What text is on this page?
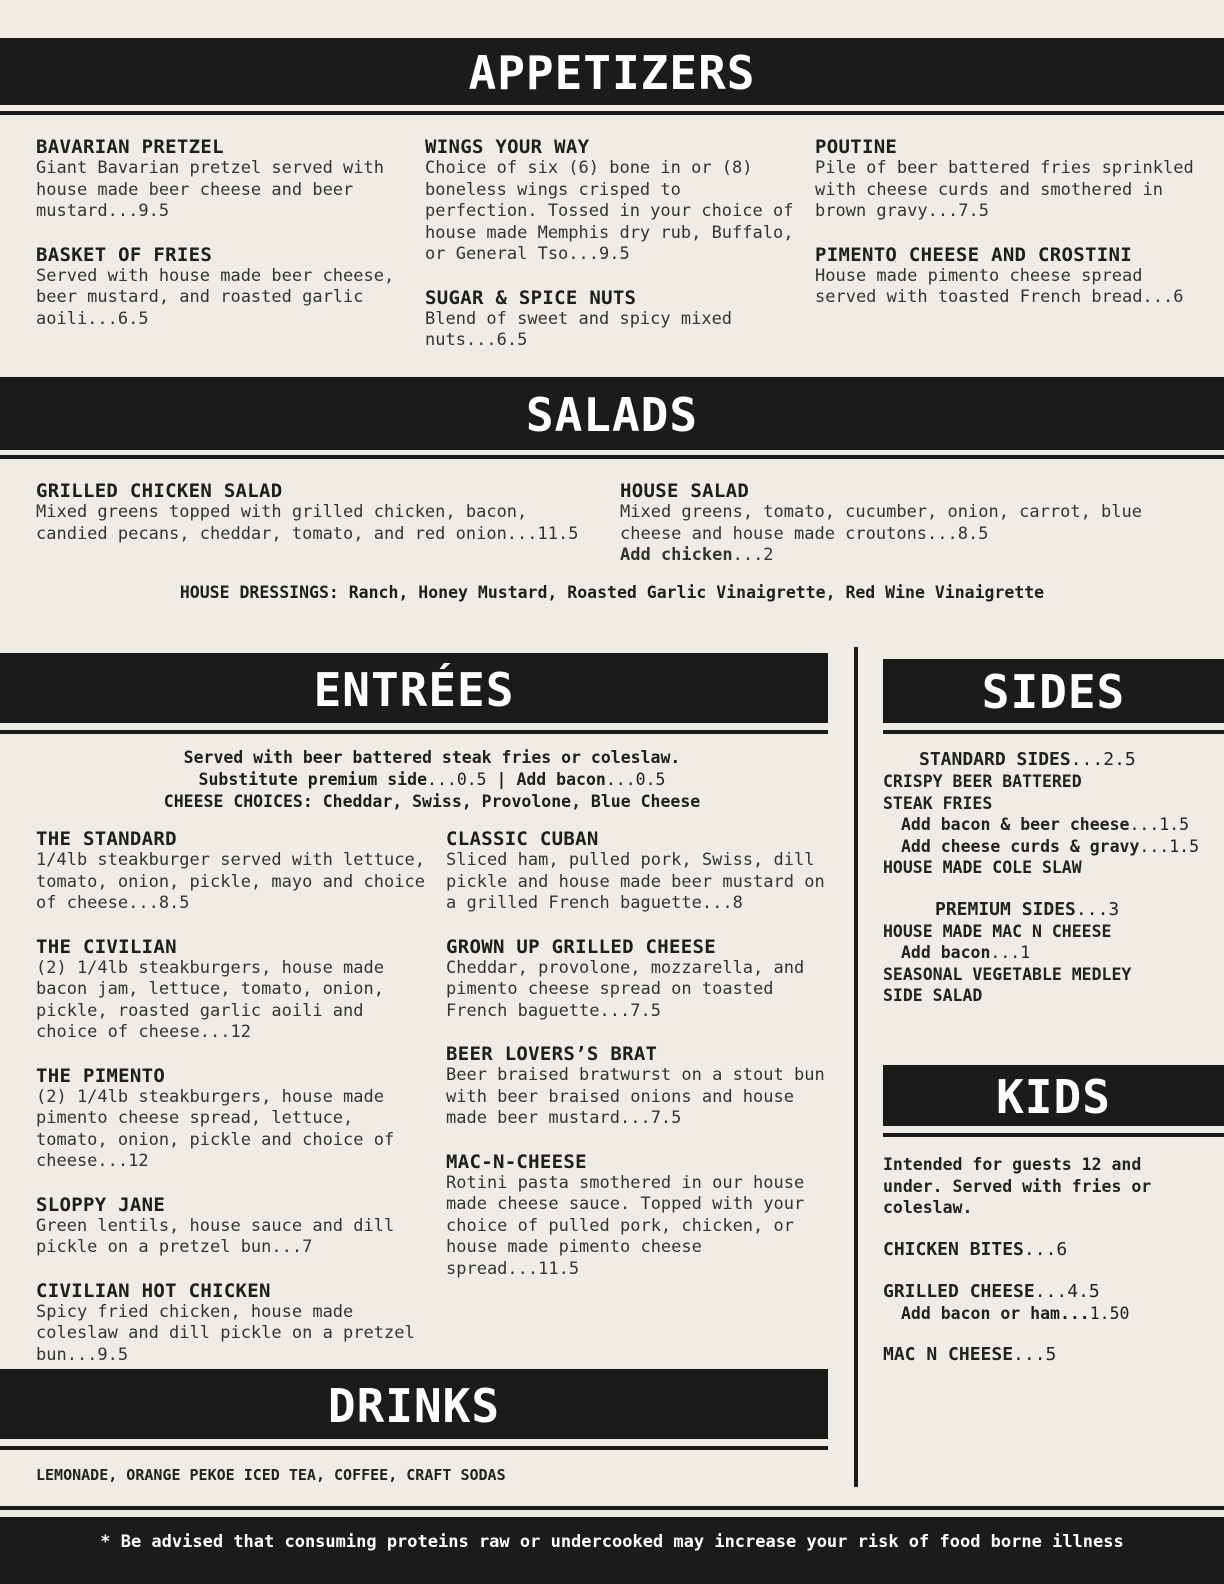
APPETIZERS
BAVARIAN PRETZEL
Giant Bavarian pretzel served with house made beer cheese and beer mustard...9.5
BASKET OF FRIES
Served with house made beer cheese, beer mustard, and roasted garlic aoili...6.5
WINGS YOUR WAY
Choice of six (6) bone in or (8) boneless wings crisped to perfection. Tossed in your choice of house made Memphis dry rub, Buffalo, or General Tso...9.5
SUGAR & SPICE NUTS
Blend of sweet and spicy mixed nuts...6.5
POUTINE
Pile of beer battered fries sprinkled with cheese curds and smothered in brown gravy...7.5
PIMENTO CHEESE AND CROSTINI
House made pimento cheese spread served with toasted French bread...6
SALADS
GRILLED CHICKEN SALAD
Mixed greens topped with grilled chicken, bacon, candied pecans, cheddar, tomato, and red onion...11.5
HOUSE SALAD
Mixed greens, tomato, cucumber, onion, carrot, blue cheese and house made croutons...8.5
Add chicken...2
HOUSE DRESSINGS: Ranch, Honey Mustard, Roasted Garlic Vinaigrette, Red Wine Vinaigrette
ENTRÉES
Served with beer battered steak fries or coleslaw.
Substitute premium side...0.5 | Add bacon...0.5
CHEESE CHOICES: Cheddar, Swiss, Provolone, Blue Cheese
THE STANDARD
1/4lb steakburger served with lettuce, tomato, onion, pickle, mayo and choice of cheese...8.5
THE CIVILIAN
(2) 1/4lb steakburgers, house made bacon jam, lettuce, tomato, onion, pickle, roasted garlic aoili and choice of cheese...12
THE PIMENTO
(2) 1/4lb steakburgers, house made pimento cheese spread, lettuce, tomato, onion, pickle and choice of cheese...12
SLOPPY JANE
Green lentils, house sauce and dill pickle on a pretzel bun...7
CIVILIAN HOT CHICKEN
Spicy fried chicken, house made coleslaw and dill pickle on a pretzel bun...9.5
CLASSIC CUBAN
Sliced ham, pulled pork, Swiss, dill pickle and house made beer mustard on a grilled French baguette...8
GROWN UP GRILLED CHEESE
Cheddar, provolone, mozzarella, and pimento cheese spread on toasted French baguette...7.5
BEER LOVERS’S BRAT
Beer braised bratwurst on a stout bun with beer braised onions and house made beer mustard...7.5
MAC-N-CHEESE
Rotini pasta smothered in our house made cheese sauce. Topped with your choice of pulled pork, chicken, or house made pimento cheese spread...11.5
SIDES
STANDARD SIDES...2.5
CRISPY BEER BATTERED
STEAK FRIES
Add bacon & beer cheese...1.5
Add cheese curds & gravy...1.5
HOUSE MADE COLE SLAW
PREMIUM SIDES...3
HOUSE MADE MAC N CHEESE
Add bacon...1
SEASONAL VEGETABLE MEDLEY
SIDE SALAD
KIDS
Intended for guests 12 and under. Served with fries or coleslaw.
CHICKEN BITES...6
GRILLED CHEESE...4.5
Add bacon or ham...1.50
MAC N CHEESE...5
DRINKS
LEMONADE, ORANGE PEKOE ICED TEA, COFFEE, CRAFT SODAS
* Be advised that consuming proteins raw or undercooked may increase your risk of food borne illness
